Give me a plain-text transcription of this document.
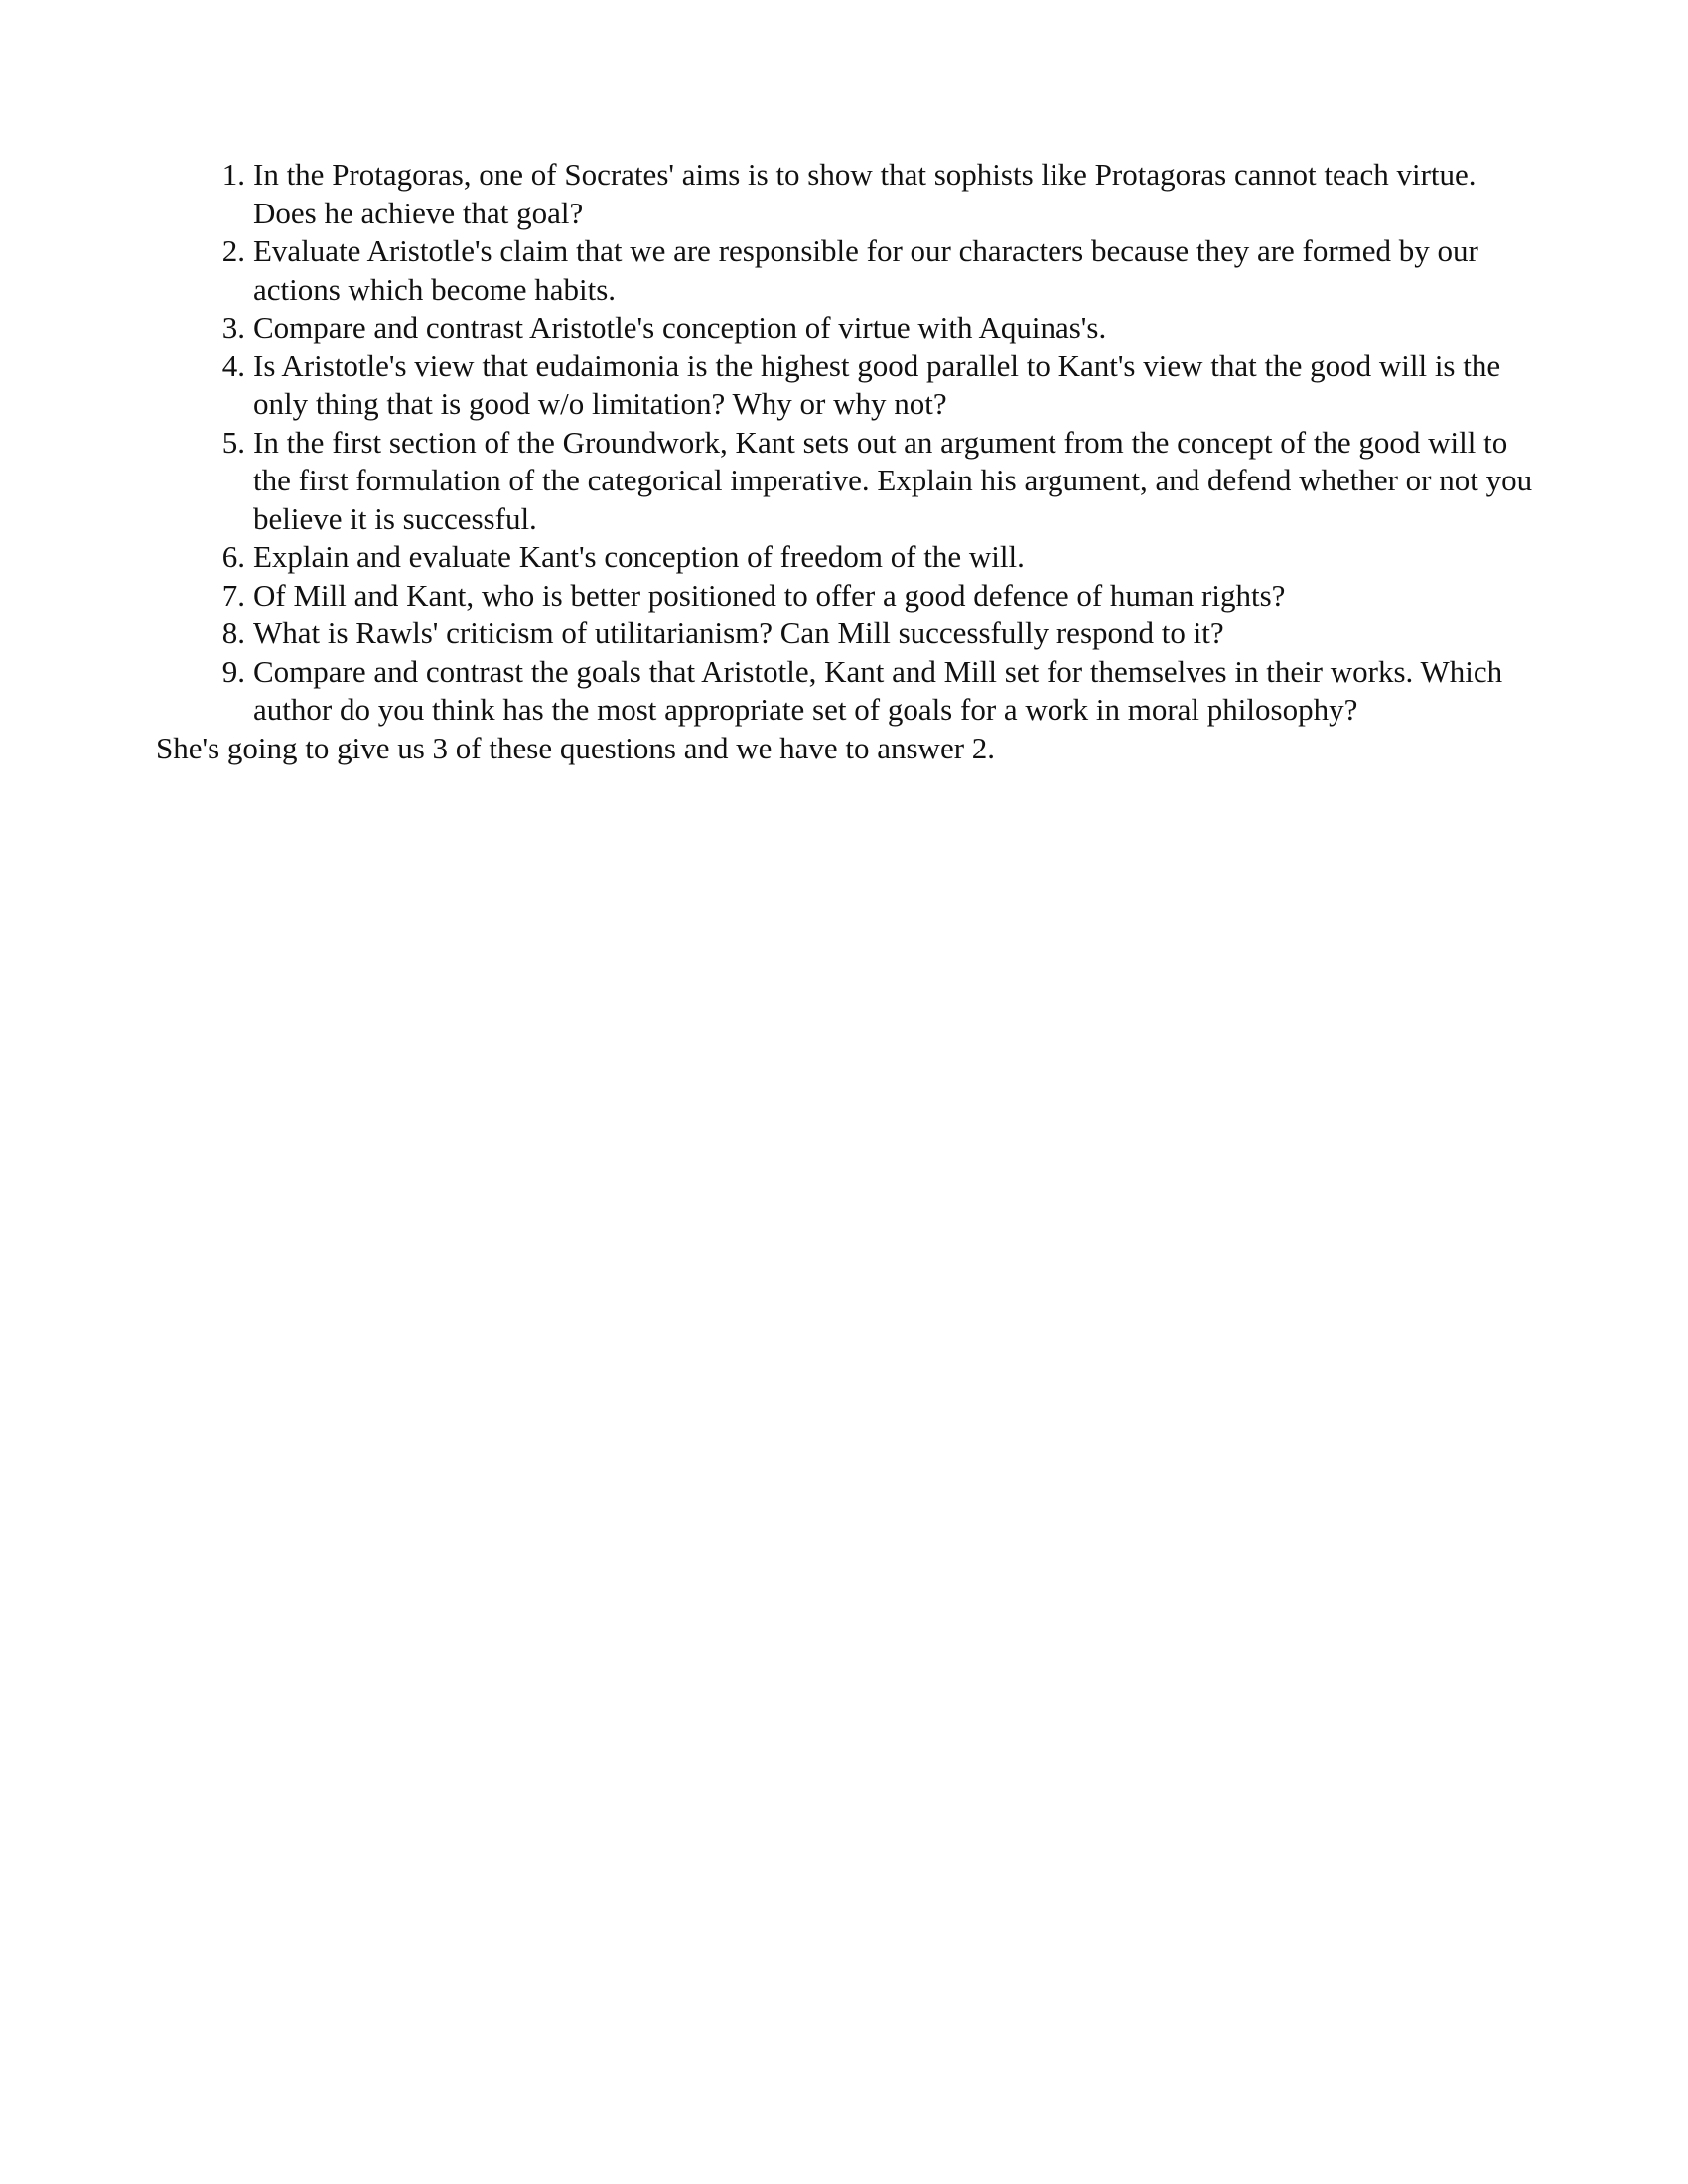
1. In the Protagoras, one of Socrates' aims is to show that sophists like Protagoras cannot teach virtue. Does he achieve that goal?
2. Evaluate Aristotle's claim that we are responsible for our characters because they are formed by our actions which become habits.
3. Compare and contrast Aristotle's conception of virtue with Aquinas's.
4. Is Aristotle's view that eudaimonia is the highest good parallel to Kant's view that the good will is the only thing that is good w/o limitation? Why or why not?
5. In the first section of the Groundwork, Kant sets out an argument from the concept of the good will to the first formulation of the categorical imperative. Explain his argument, and defend whether or not you believe it is successful.
6. Explain and evaluate Kant's conception of freedom of the will.
7. Of Mill and Kant, who is better positioned to offer a good defence of human rights?
8. What is Rawls' criticism of utilitarianism? Can Mill successfully respond to it?
9. Compare and contrast the goals that Aristotle, Kant and Mill set for themselves in their works. Which author do you think has the most appropriate set of goals for a work in moral philosophy?

She's going to give us 3 of these questions and we have to answer 2.
